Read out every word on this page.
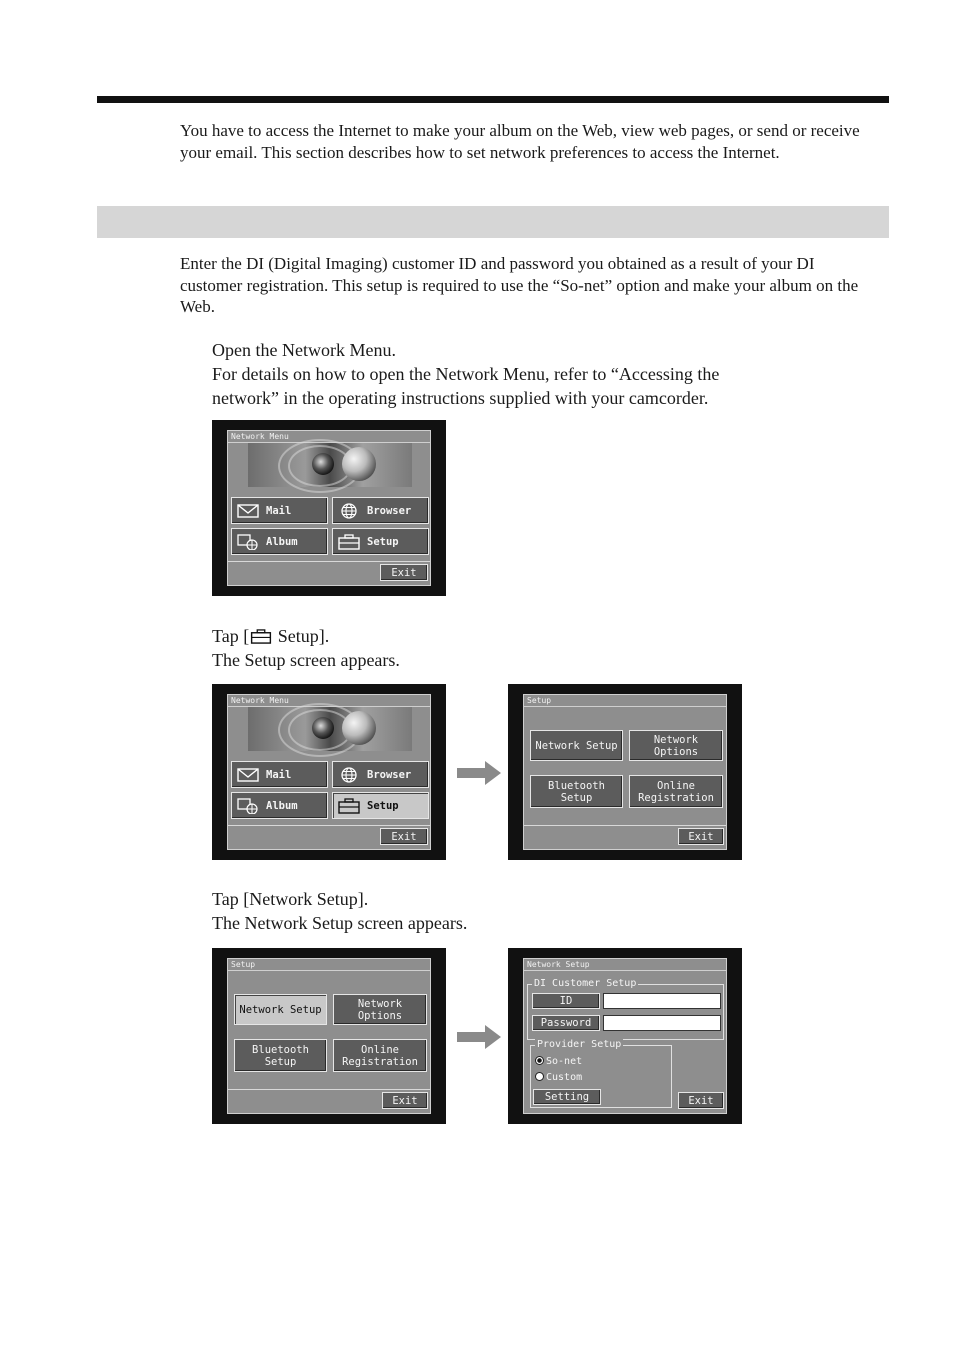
You have to access the Internet to make your album on the Web, view web pages, or send or receive your email. This section describes how to set network preferences to access the Internet.

Enter the DI (Digital Imaging) customer ID and password you obtained as a result of your DI customer registration. This setup is required to use the “So-net” option and make your album on the Web.

Open the Network Menu.
For details on how to open the Network Menu, refer to “Accessing the
network” in the operating instructions supplied with your camcorder.
Network Menu
Mail	Browser
Album	Setup
Exit
Tap [ Setup].
The Setup screen appears.
Network Menu
Mail	Browser
Album	Setup
Exit
Setup
Network Setup	Network Options
Bluetooth Setup
Online
Registration
Exit
Tap [Network Setup].
The Network Setup screen appears.
Setup
Network Setup	Network Options
Bluetooth Setup
Online
Registration
Exit
Network Setup
DI Customer Setup
ID
Password
Provider Setup
So-net
Custom
Setting	Exit
